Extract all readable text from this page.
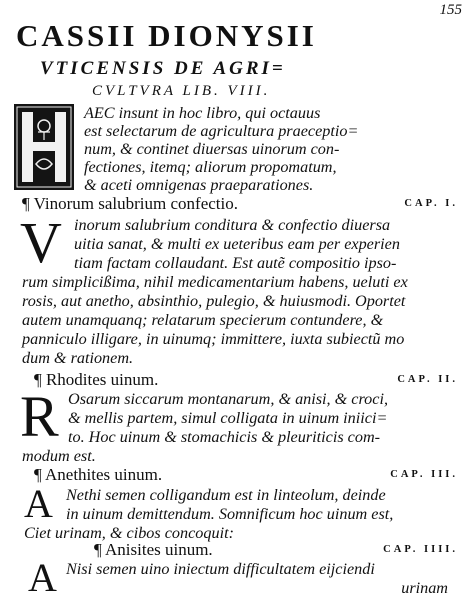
155
CASSII DIONYSII
VTICENSIS DE AGRI=
CVLTVRA LIB. VIII.
AEC insunt in hoc libro, qui octauus
est selectarum de agricultura praeceptio=
num, & continet diuersas uinorum con-
fectiones, itemq; aliorum propomatum,
& aceti omnigenas praeparationes.
¶ Vinorum salubrium confectio.	CAP. I.
V inorum salubrium conditura & confectio diuersa
uitia sanat, & multi ex ueteribus eam per experien
tiam factam collaudant. Est autẽ compositio ipso-
rum simplicißima, nihil medicamentarium habens, ueluti ex
rosis, aut anetho, absinthio, pulegio, & huiusmodi. Oportet
autem unamquanq; relatarum specierum contundere, &
panniculo illigare, in uinumq; immittere, iuxta subiectũ mo
dum & rationem.
¶ Rhodites uinum.	CAP. II.
R Osarum siccarum montanarum, & anisi, & croci,
& mellis partem, simul colligata in uinum iniici=
to. Hoc uinum & stomachicis & pleuriticis com-
modum est.
¶ Anethites uinum.	CAP. III.
A Nethi semen colligandum est in linteolum, deinde
in uinum demittendum. Somnificum hoc uinum est,
Ciet urinam, & cibos concoquit:
¶ Anisites uinum.	CAP. IIII.
A Nisi semen uino iniectum difficultatem eijciendi
urinam
